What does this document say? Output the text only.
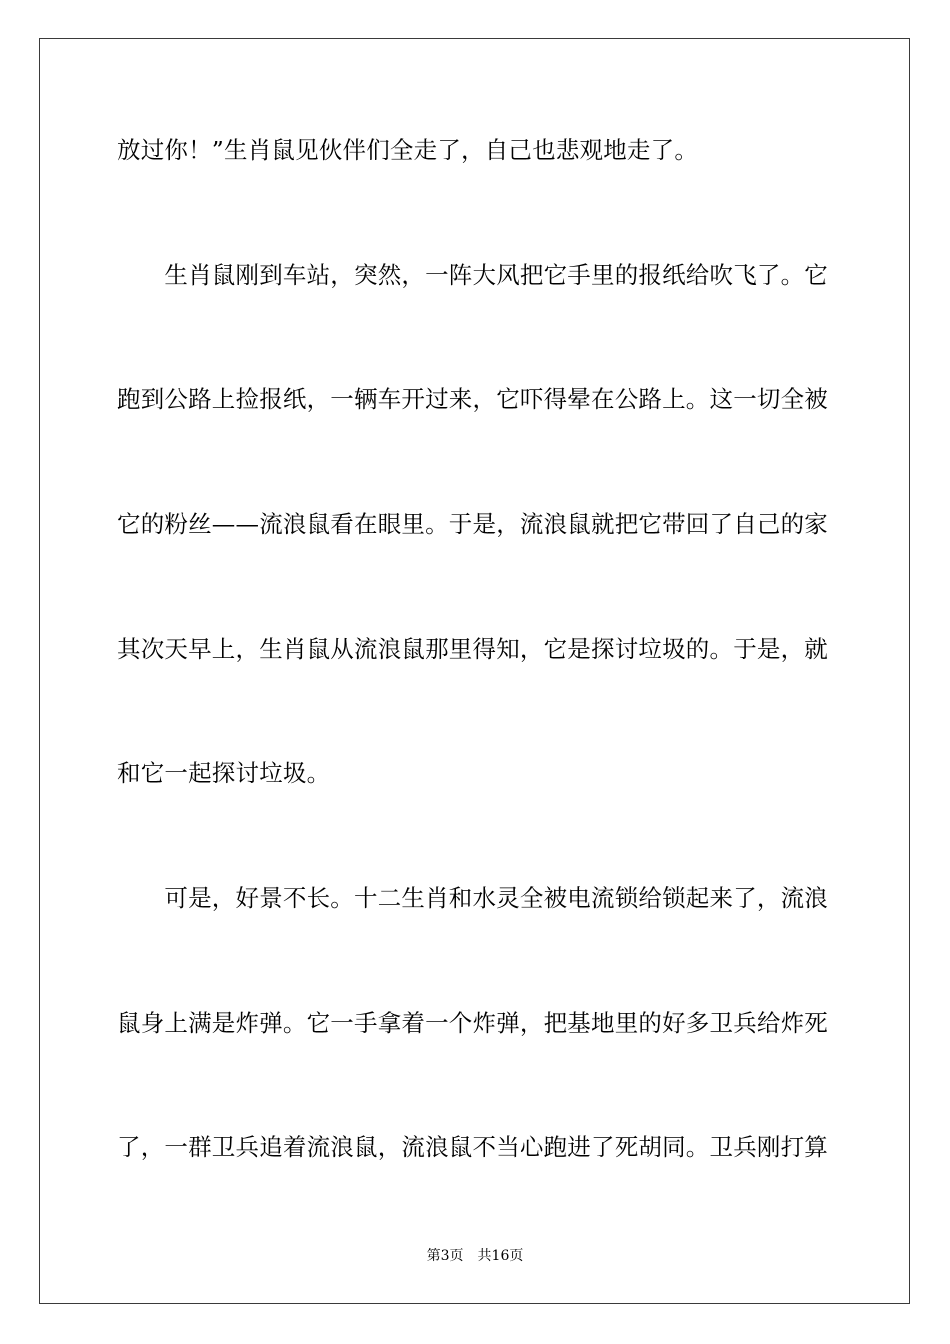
放过你！”生肖鼠见伙伴们全走了，自己也悲观地走了。
　　生肖鼠刚到车站，突然，一阵大风把它手里的报纸给吹飞了。它
跑到公路上捡报纸，一辆车开过来，它吓得晕在公路上。这一切全被
它的粉丝——流浪鼠看在眼里。于是，流浪鼠就把它带回了自己的家
其次天早上，生肖鼠从流浪鼠那里得知，它是探讨垃圾的。于是，就
和它一起探讨垃圾。
　　可是，好景不长。十二生肖和水灵全被电流锁给锁起来了，流浪
鼠身上满是炸弹。它一手拿着一个炸弹，把基地里的好多卫兵给炸死
了，一群卫兵追着流浪鼠，流浪鼠不当心跑进了死胡同。卫兵刚打算
第3页　共16页
